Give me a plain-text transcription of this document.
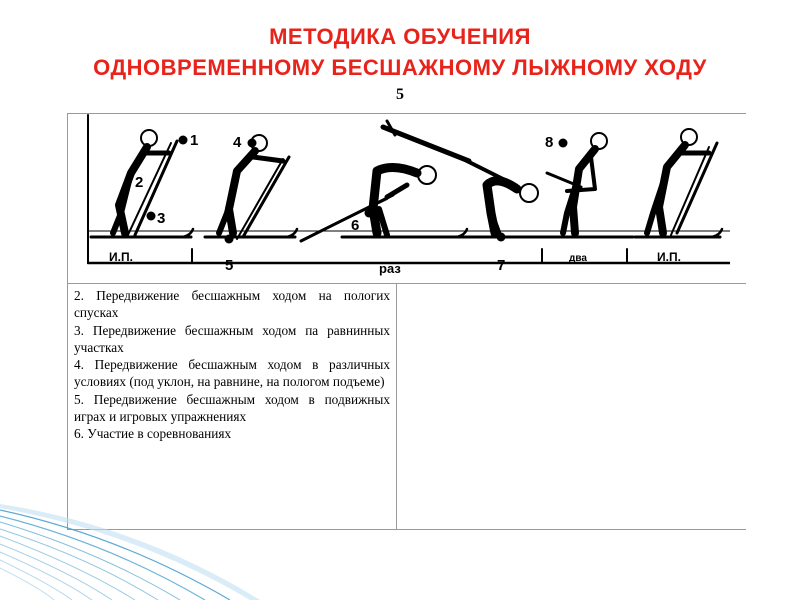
МЕТОДИКА ОБУЧЕНИЯ
ОДНОВРЕМЕННОМУ БЕСШАЖНОМУ ЛЫЖНОМУ ХОДУ
5
1
2
3
4
5
6
7
8
И.П.
раз
два	И.П.
2. Передвижение бесшажным ходом на пологих спусках
3. Передвижение бесшажным ходом па равнинных участках
4. Передвижение бесшажным ходом в различных условиях (под уклон, на равнине, на пологом подъеме)
5. Передвижение бесшажным ходом в подвижных играх и игровых упражнениях
6. Участие в соревнованиях
